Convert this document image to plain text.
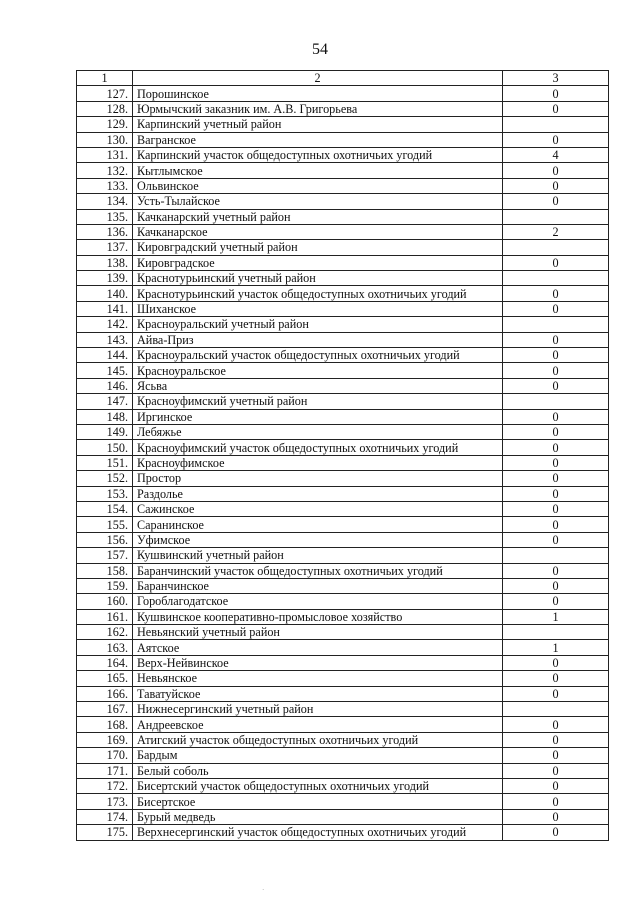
54
1	2	3
127.	Порошинское	0
128.	Юрмычский заказник им. А.В. Григорьева	0
129.	Карпинский учетный район	
130.	Вагранское	0
131.	Карпинский участок общедоступных охотничьих угодий	4
132.	Кытлымское	0
133.	Ольвинское	0
134.	Усть-Тылайское	0
135.	Качканарский учетный район	
136.	Качканарское	2
137.	Кировградский учетный район	
138.	Кировградское	0
139.	Краснотурьинский учетный район	
140.	Краснотурьинский участок общедоступных охотничьих угодий	0
141.	Шиханское	0
142.	Красноуральский учетный район	
143.	Айва-Приз	0
144.	Красноуральский участок общедоступных охотничьих угодий	0
145.	Красноуральское	0
146.	Ясьва	0
147.	Красноуфимский учетный район	
148.	Иргинское	0
149.	Лебяжье	0
150.	Красноуфимский участок общедоступных охотничьих угодий	0
151.	Красноуфимское	0
152.	Простор	0
153.	Раздолье	0
154.	Сажинское	0
155.	Саранинское	0
156.	Уфимское	0
157.	Кушвинский учетный район	
158.	Баранчинский участок общедоступных охотничьих угодий	0
159.	Баранчинское	0
160.	Гороблагодатское	0
161.	Кушвинское кооперативно-промысловое хозяйство	1
162.	Невьянский учетный район	
163.	Аятское	1
164.	Верх-Нейвинское	0
165.	Невьянское	0
166.	Таватуйское	0
167.	Нижнесергинский учетный район	
168.	Андреевское	0
169.	Атигский участок общедоступных охотничьих угодий	0
170.	Бардым	0
171.	Белый соболь	0
172.	Бисертский участок общедоступных охотничьих угодий	0
173.	Бисертское	0
174.	Бурый медведь	0
175.	Верхнесергинский участок общедоступных охотничьих угодий	0
·
